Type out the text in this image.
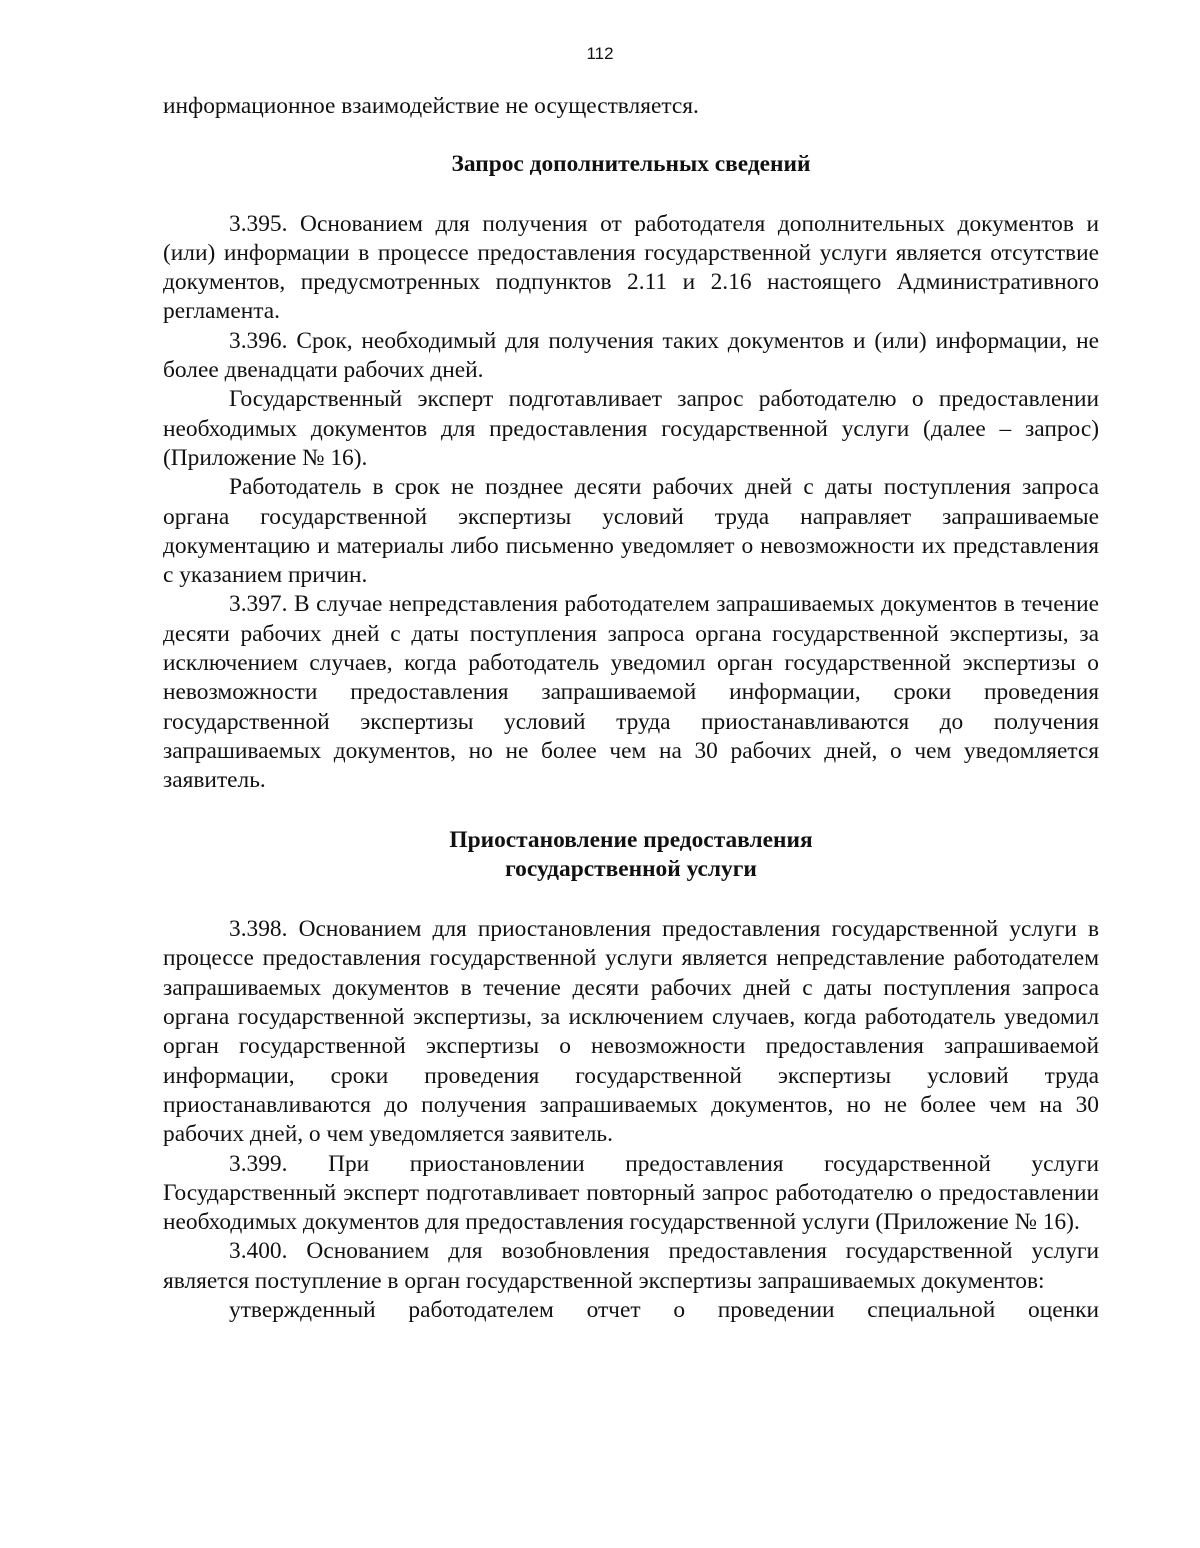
112

информационное взаимодействие не осуществляется.

Запрос дополнительных сведений

3.395. Основанием для получения от работодателя дополнительных документов и (или) информации в процессе предоставления государственной услуги является отсутствие документов, предусмотренных подпунктов 2.11 и 2.16 настоящего Административного регламента.

3.396. Срок, необходимый для получения таких документов и (или) информации, не более двенадцати рабочих дней.

Государственный эксперт подготавливает запрос работодателю о предоставлении необходимых документов для предоставления государственной услуги (далее – запрос) (Приложение № 16).

Работодатель в срок не позднее десяти рабочих дней с даты поступления запроса органа государственной экспертизы условий труда направляет запрашиваемые документацию и материалы либо письменно уведомляет о невозможности их представления с указанием причин.

3.397. В случае непредставления работодателем запрашиваемых документов в течение десяти рабочих дней с даты поступления запроса органа государственной экспертизы, за исключением случаев, когда работодатель уведомил орган государственной экспертизы о невозможности предоставления запрашиваемой информации, сроки проведения государственной экспертизы условий труда приостанавливаются до получения запрашиваемых документов, но не более чем на 30 рабочих дней, о чем уведомляется заявитель.

Приостановление предоставления
государственной услуги

3.398. Основанием для приостановления предоставления государственной услуги в процессе предоставления государственной услуги является непредставление работодателем запрашиваемых документов в течение десяти рабочих дней с даты поступления запроса органа государственной экспертизы, за исключением случаев, когда работодатель уведомил орган государственной экспертизы о невозможности предоставления запрашиваемой информации, сроки проведения государственной экспертизы условий труда приостанавливаются до получения запрашиваемых документов, но не более чем на 30 рабочих дней, о чем уведомляется заявитель.

3.399. При приостановлении предоставления государственной услуги Государственный эксперт подготавливает повторный запрос работодателю о предоставлении необходимых документов для предоставления государственной услуги (Приложение № 16).

3.400. Основанием для возобновления предоставления государственной услуги является поступление в орган государственной экспертизы запрашиваемых документов:

утвержденный работодателем отчет о проведении специальной оценки
